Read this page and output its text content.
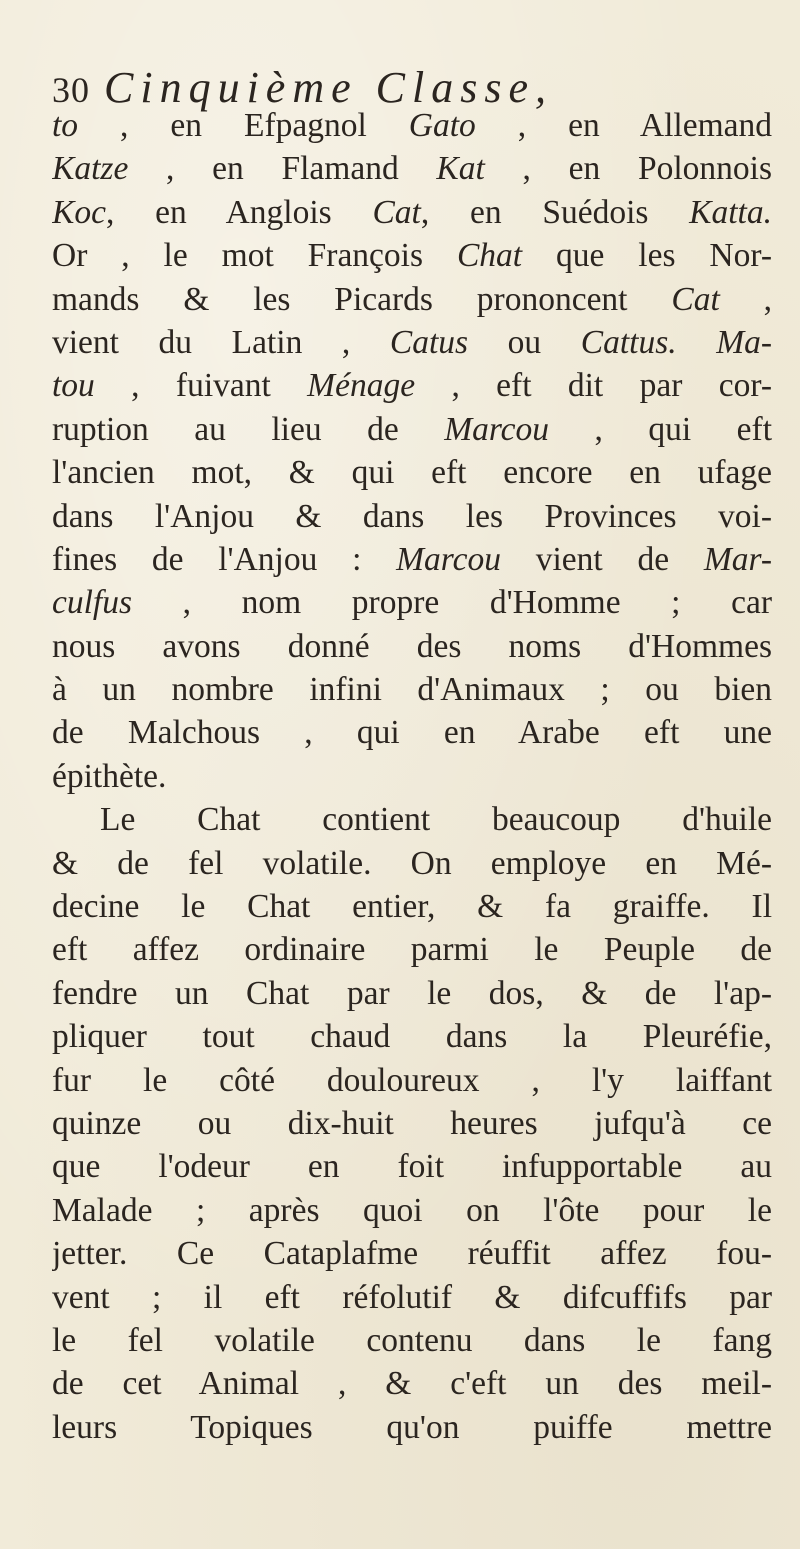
30 Cinquième Classe,
to , en Efpagnol Gato , en Allemand
Katze , en Flamand Kat , en Polonnois
Koc, en Anglois Cat, en Suédois Katta.
Or , le mot François Chat que les Nor-
mands & les Picards prononcent Cat ,
vient du Latin , Catus ou Cattus. Ma-
tou , fuivant Ménage , eft dit par cor-
ruption au lieu de Marcou , qui eft
l'ancien mot, & qui eft encore en ufage
dans l'Anjou & dans les Provinces voi-
fines de l'Anjou : Marcou vient de Mar-
culfus , nom propre d'Homme ; car
nous avons donné des noms d'Hommes
à un nombre infini d'Animaux ; ou bien
de Malchous , qui en Arabe eft une
épithète.
Le Chat contient beaucoup d'huile
& de fel volatile. On employe en Mé-
decine le Chat entier, & fa graiffe. Il
eft affez ordinaire parmi le Peuple de
fendre un Chat par le dos, & de l'ap-
pliquer tout chaud dans la Pleuréfie,
fur le côté douloureux , l'y laiffant
quinze ou dix-huit heures jufqu'à ce
que l'odeur en foit infupportable au
Malade ; après quoi on l'ôte pour le
jetter. Ce Cataplafme réuffit affez fou-
vent ; il eft réfolutif & difcuffifs par
le fel volatile contenu dans le fang
de cet Animal , & c'eft un des meil-
leurs Topiques qu'on puiffe mettre
